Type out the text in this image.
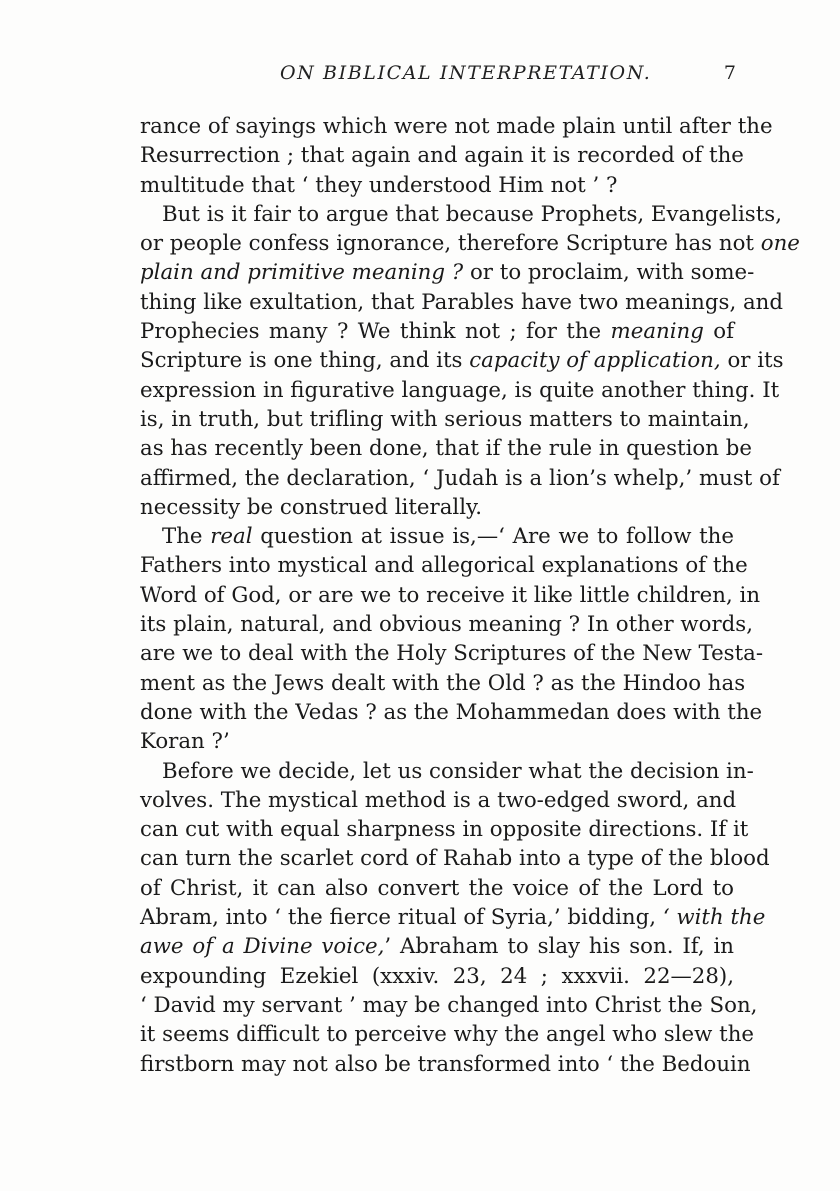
ON BIBLICAL INTERPRETATION.	7
rance of sayings which were not made plain until after the
Resurrection ; that again and again it is recorded of the
multitude that ‘ they understood Him not ’ ?
But is it fair to argue that because Prophets, Evangelists,
or people confess ignorance, therefore Scripture has not one
plain and primitive meaning ? or to proclaim, with some-
thing like exultation, that Parables have two meanings, and
Prophecies many ? We think not ; for the meaning of
Scripture is one thing, and its capacity of application, or its
expression in figurative language, is quite another thing. It
is, in truth, but trifling with serious matters to maintain,
as has recently been done, that if the rule in question be
affirmed, the declaration, ‘ Judah is a lion’s whelp,’ must of
necessity be construed literally.
The real question at issue is,—‘ Are we to follow the
Fathers into mystical and allegorical explanations of the
Word of God, or are we to receive it like little children, in
its plain, natural, and obvious meaning ? In other words,
are we to deal with the Holy Scriptures of the New Testa-
ment as the Jews dealt with the Old ? as the Hindoo has
done with the Vedas ? as the Mohammedan does with the
Koran ?’
Before we decide, let us consider what the decision in-
volves. The mystical method is a two-edged sword, and
can cut with equal sharpness in opposite directions. If it
can turn the scarlet cord of Rahab into a type of the blood
of Christ, it can also convert the voice of the Lord to
Abram, into ‘ the fierce ritual of Syria,’ bidding, ‘ with the
awe of a Divine voice,’ Abraham to slay his son. If, in
expounding Ezekiel (xxxiv. 23, 24 ; xxxvii. 22—28),
‘ David my servant ’ may be changed into Christ the Son,
it seems difficult to perceive why the angel who slew the
firstborn may not also be transformed into ‘ the Bedouin
